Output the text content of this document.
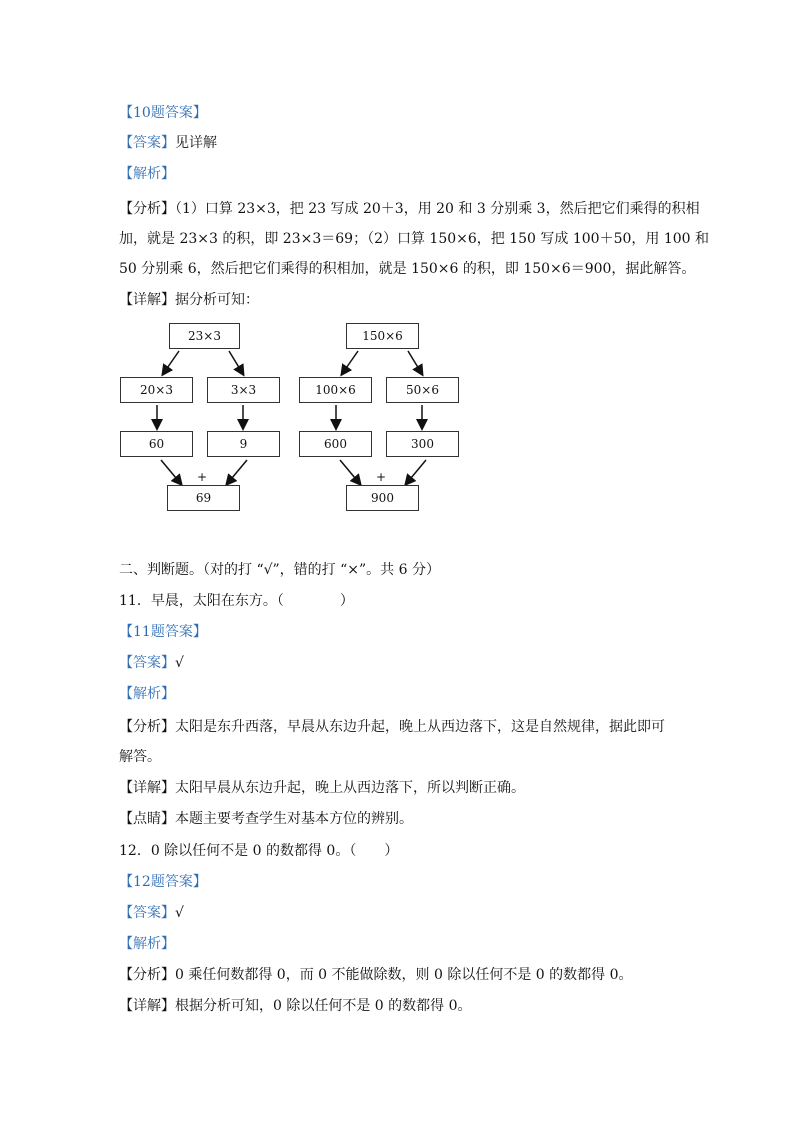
【10题答案】
【答案】见详解
【解析】
【分析】（1）口算 23×3，把 23 写成 20＋3，用 20 和 3 分别乘 3，然后把它们乘得的积相
加，就是 23×3 的积，即 23×3＝69；（2）口算 150×6，把 150 写成 100＋50，用 100 和
50 分别乘 6，然后把它们乘得的积相加，就是 150×6 的积，即 150×6＝900，据此解答。
【详解】据分析可知：
23×3
20×3	3×3
60	9
+
69
150×6
100×6	50×6
600	300
+
900
二、判断题。（对的打 “√”，错的打 “×”。共 6 分）
11．早晨，太阳在东方。（　　　　）
【11题答案】
【答案】√
【解析】
【分析】太阳是东升西落，早晨从东边升起，晚上从西边落下，这是自然规律，据此即可
解答。
【详解】太阳早晨从东边升起，晚上从西边落下，所以判断正确。
【点睛】本题主要考查学生对基本方位的辨别。
12．0 除以任何不是 0 的数都得 0。（　　）
【12题答案】
【答案】√
【解析】
【分析】0 乘任何数都得 0，而 0 不能做除数，则 0 除以任何不是 0 的数都得 0。
【详解】根据分析可知，0 除以任何不是 0 的数都得 0。
